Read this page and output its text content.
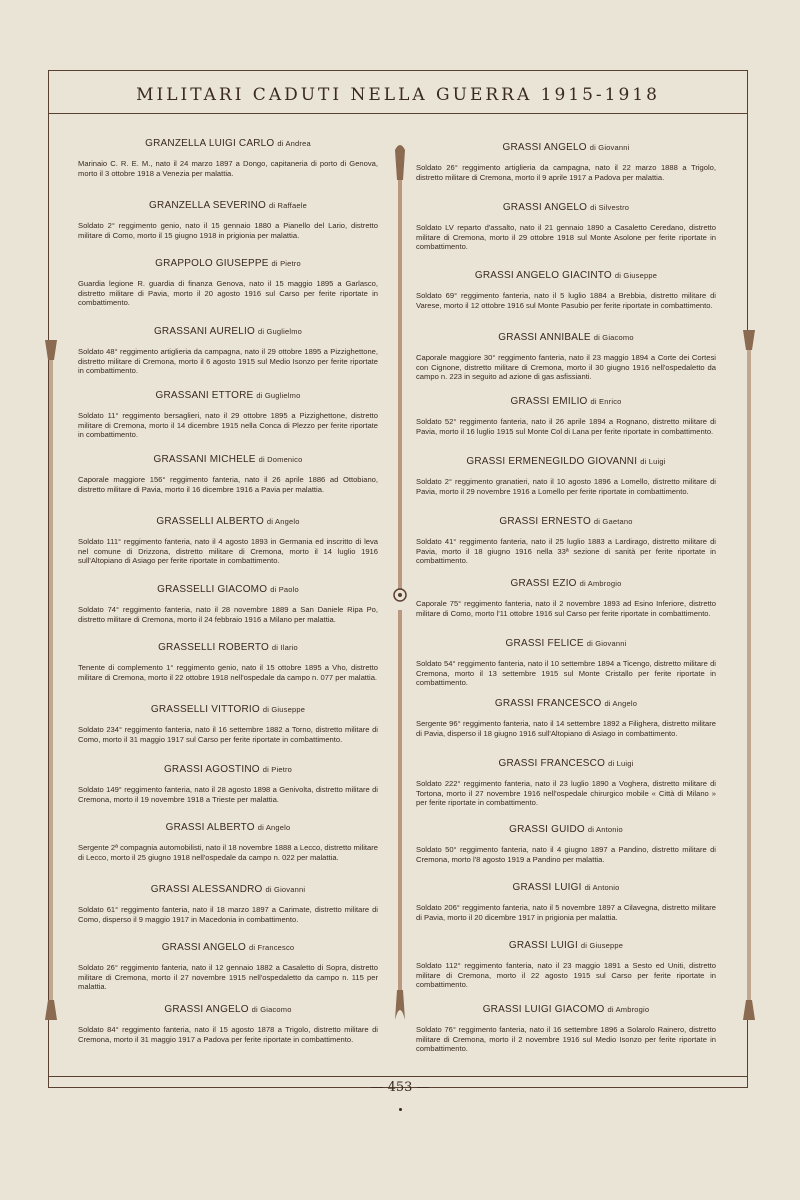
MILITARI CADUTI NELLA GUERRA 1915-1918
GRANZELLA LUIGI CARLO di Andrea
Marinaio C. R. E. M., nato il 24 marzo 1897 a Dongo, capitaneria di porto di Genova, morto il 3 ottobre 1918 a Venezia per malattia.
GRANZELLA SEVERINO di Raffaele
Soldato 2° reggimento genio, nato il 15 gennaio 1880 a Pianello del Lario, distretto militare di Como, morto il 15 giugno 1918 in prigionia per malattia.
GRAPPOLO GIUSEPPE di Pietro
Guardia legione R. guardia di finanza Genova, nato il 15 maggio 1895 a Garlasco, distretto militare di Pavia, morto il 20 agosto 1916 sul Carso per ferite riportate in combattimento.
GRASSANI AURELIO di Guglielmo
Soldato 48° reggimento artiglieria da campagna, nato il 29 ottobre 1895 a Pizzighettone, distretto militare di Cremona, morto il 6 agosto 1915 sul Medio Isonzo per ferite riportate in combattimento.
GRASSANI ETTORE di Guglielmo
Soldato 11° reggimento bersaglieri, nato il 29 ottobre 1895 a Pizzighettone, distretto militare di Cremona, morto il 14 dicembre 1915 nella Conca di Plezzo per ferite riportate in combattimento.
GRASSANI MICHELE di Domenico
Caporale maggiore 156° reggimento fanteria, nato il 26 aprile 1886 ad Ottobiano, distretto militare di Pavia, morto il 16 dicembre 1916 a Pavia per malattia.
GRASSELLI ALBERTO di Angelo
Soldato 111° reggimento fanteria, nato il 4 agosto 1893 in Germania ed inscritto di leva nel comune di Drizzona, distretto militare di Cremona, morto il 14 luglio 1916 sull'Altopiano di Asiago per ferite riportate in combattimento.
GRASSELLI GIACOMO di Paolo
Soldato 74° reggimento fanteria, nato il 28 novembre 1889 a San Daniele Ripa Po, distretto militare di Cremona, morto il 24 febbraio 1916 a Milano per malattia.
GRASSELLI ROBERTO di Ilario
Tenente di complemento 1° reggimento genio, nato il 15 ottobre 1895 a Vho, distretto militare di Cremona, morto il 22 ottobre 1918 nell'ospedale da campo n. 077 per malattia.
GRASSELLI VITTORIO di Giuseppe
Soldato 234° reggimento fanteria, nato il 16 settembre 1882 a Torno, distretto militare di Como, morto il 31 maggio 1917 sul Carso per ferite riportate in combattimento.
GRASSI AGOSTINO di Pietro
Soldato 149° reggimento fanteria, nato il 28 agosto 1898 a Genivolta, distretto militare di Cremona, morto il 19 novembre 1918 a Trieste per malattia.
GRASSI ALBERTO di Angelo
Sergente 2ª compagnia automobilisti, nato il 18 novembre 1888 a Lecco, distretto militare di Lecco, morto il 25 giugno 1918 nell'ospedale da campo n. 022 per malattia.
GRASSI ALESSANDRO di Giovanni
Soldato 61° reggimento fanteria, nato il 18 marzo 1897 a Carimate, distretto militare di Como, disperso il 9 maggio 1917 in Macedonia in combattimento.
GRASSI ANGELO di Francesco
Soldato 26° reggimento fanteria, nato il 12 gennaio 1882 a Casaletto di Sopra, distretto militare di Cremona, morto il 27 novembre 1915 nell'ospedaletto da campo n. 115 per malattia.
GRASSI ANGELO di Giacomo
Soldato 84° reggimento fanteria, nato il 15 agosto 1878 a Trigolo, distretto militare di Cremona, morto il 31 maggio 1917 a Padova per ferite riportate in combattimento.
GRASSI ANGELO di Giovanni
Soldato 26° reggimento artiglieria da campagna, nato il 22 marzo 1888 a Trigolo, distretto militare di Cremona, morto il 9 aprile 1917 a Padova per malattia.
GRASSI ANGELO di Silvestro
Soldato LV reparto d'assalto, nato il 21 gennaio 1890 a Casaletto Ceredano, distretto militare di Cremona, morto il 29 ottobre 1918 sul Monte Asolone per ferite riportate in combattimento.
GRASSI ANGELO GIACINTO di Giuseppe
Soldato 69° reggimento fanteria, nato il 5 luglio 1884 a Brebbia, distretto militare di Varese, morto il 12 ottobre 1916 sul Monte Pasubio per ferite riportate in combattimento.
GRASSI ANNIBALE di Giacomo
Caporale maggiore 30° reggimento fanteria, nato il 23 maggio 1894 a Corte dei Cortesi con Cignone, distretto militare di Cremona, morto il 30 giugno 1916 nell'ospedaletto da campo n. 223 in seguito ad azione di gas asfissianti.
GRASSI EMILIO di Enrico
Soldato 52° reggimento fanteria, nato il 26 aprile 1894 a Rognano, distretto militare di Pavia, morto il 16 luglio 1915 sul Monte Col di Lana per ferite riportate in combattimento.
GRASSI ERMENEGILDO GIOVANNI di Luigi
Soldato 2° reggimento granatieri, nato il 10 agosto 1896 a Lomello, distretto militare di Pavia, morto il 29 novembre 1916 a Lomello per ferite riportate in combattimento.
GRASSI ERNESTO di Gaetano
Soldato 41° reggimento fanteria, nato il 25 luglio 1883 a Lardirago, distretto militare di Pavia, morto il 18 giugno 1916 nella 33ª sezione di sanità per ferite riportate in combattimento.
GRASSI EZIO di Ambrogio
Caporale 75° reggimento fanteria, nato il 2 novembre 1893 ad Esino Inferiore, distretto militare di Como, morto l'11 ottobre 1916 sul Carso per ferite riportate in combattimento.
GRASSI FELICE di Giovanni
Soldato 54° reggimento fanteria, nato il 10 settembre 1894 a Ticengo, distretto militare di Cremona, morto il 13 settembre 1915 sul Monte Cristallo per ferite riportate in combattimento.
GRASSI FRANCESCO di Angelo
Sergente 96° reggimento fanteria, nato il 14 settembre 1892 a Filighera, distretto militare di Pavia, disperso il 18 giugno 1916 sull'Altopiano di Asiago in combattimento.
GRASSI FRANCESCO di Luigi
Soldato 222° reggimento fanteria, nato il 23 luglio 1890 a Voghera, distretto militare di Tortona, morto il 27 novembre 1916 nell'ospedale chirurgico mobile « Città di Milano » per ferite riportate in combattimento.
GRASSI GUIDO di Antonio
Soldato 50° reggimento fanteria, nato il 4 giugno 1897 a Pandino, distretto militare di Cremona, morto l'8 agosto 1919 a Pandino per malattia.
GRASSI LUIGI di Antonio
Soldato 206° reggimento fanteria, nato il 5 novembre 1897 a Cilavegna, distretto militare di Pavia, morto il 20 dicembre 1917 in prigionia per malattia.
GRASSI LUIGI di Giuseppe
Soldato 112° reggimento fanteria, nato il 23 maggio 1891 a Sesto ed Uniti, distretto militare di Cremona, morto il 22 agosto 1915 sul Carso per ferite riportate in combattimento.
GRASSI LUIGI GIACOMO di Ambrogio
Soldato 76° reggimento fanteria, nato il 16 settembre 1896 a Solarolo Rainero, distretto militare di Cremona, morto il 2 novembre 1916 sul Medio Isonzo per ferite riportate in combattimento.
— 453 —
